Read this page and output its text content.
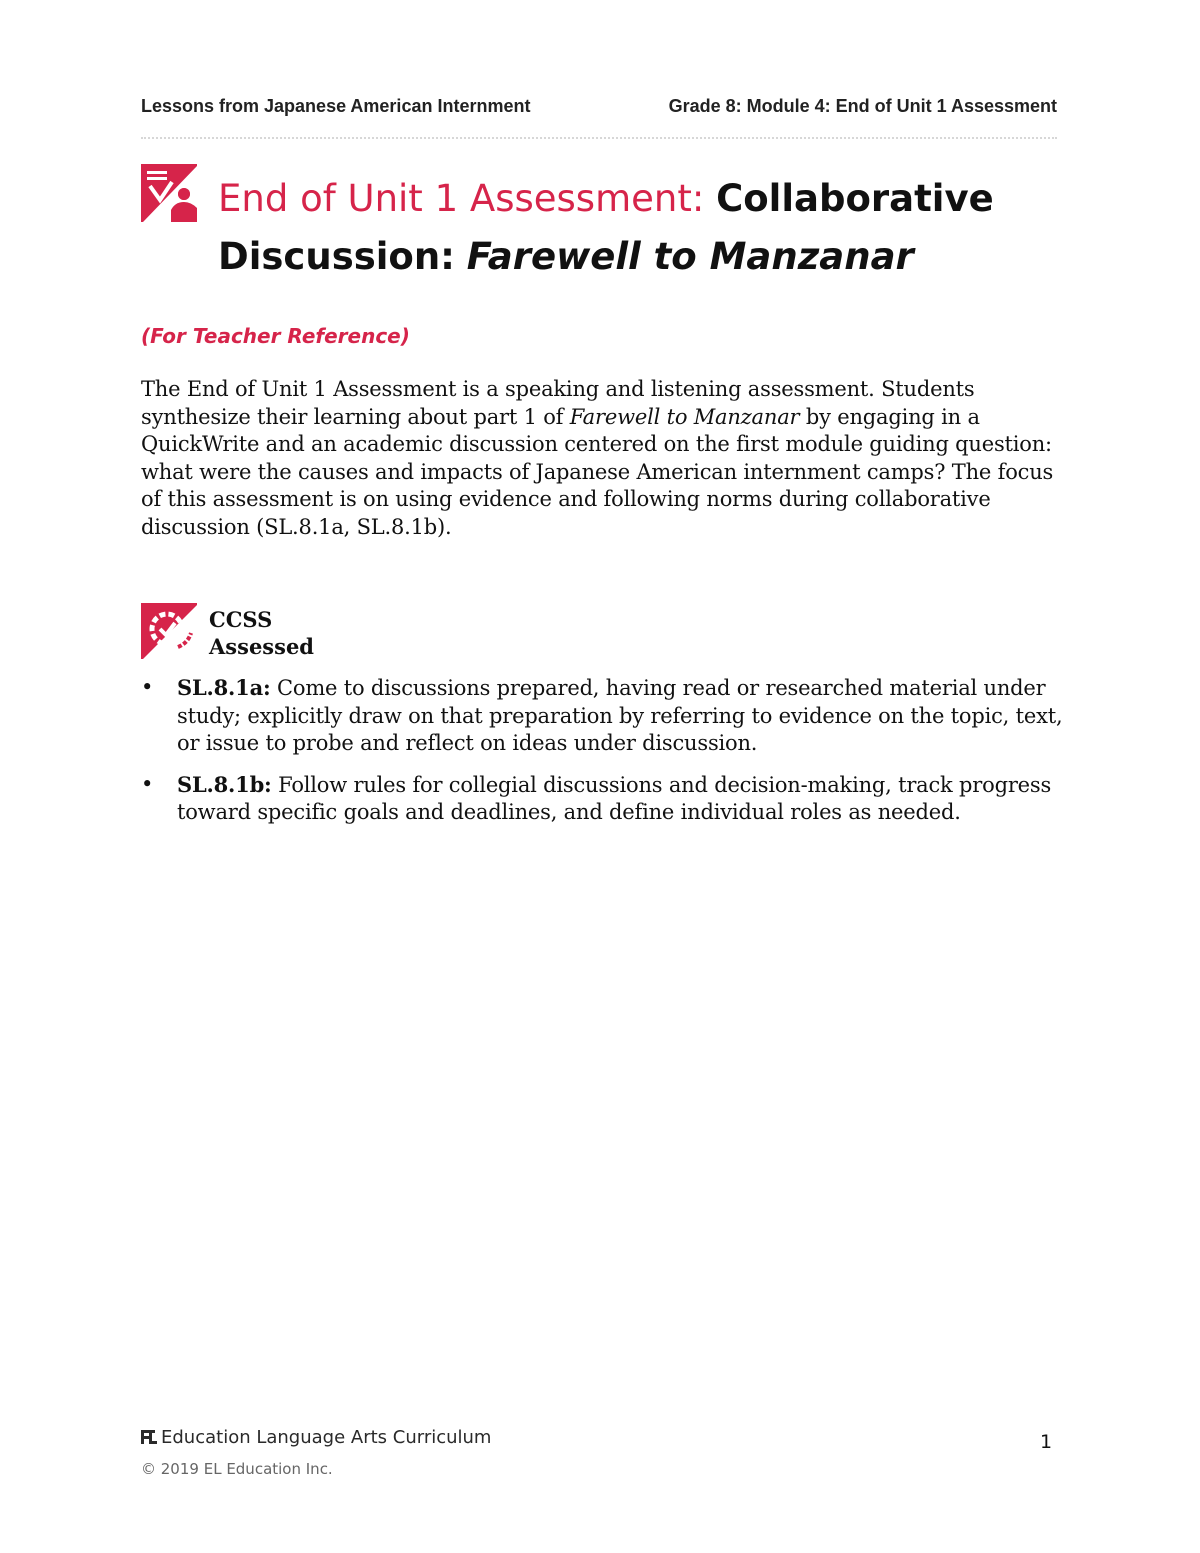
Lessons from Japanese American Internment	Grade 8: Module 4: End of Unit 1 Assessment
End of Unit 1 Assessment: Collaborative
Discussion: Farewell to Manzanar
(For Teacher Reference)
The End of Unit 1 Assessment is a speaking and listening assessment. Students synthesize their learning about part 1 of Farewell to Manzanar by engaging in a QuickWrite and an academic discussion centered on the first module guiding question: what were the causes and impacts of Japanese American internment camps? The focus of this assessment is on using evidence and following norms during collaborative discussion (SL.8.1a, SL.8.1b).
CCSS
Assessed
• SL.8.1a: Come to discussions prepared, having read or researched material under study; explicitly draw on that preparation by referring to evidence on the topic, text, or issue to probe and reflect on ideas under discussion.
• SL.8.1b: Follow rules for collegial discussions and decision-making, track progress toward specific goals and deadlines, and define individual roles as needed.
Education Language Arts Curriculum
© 2019 EL Education Inc.
1
